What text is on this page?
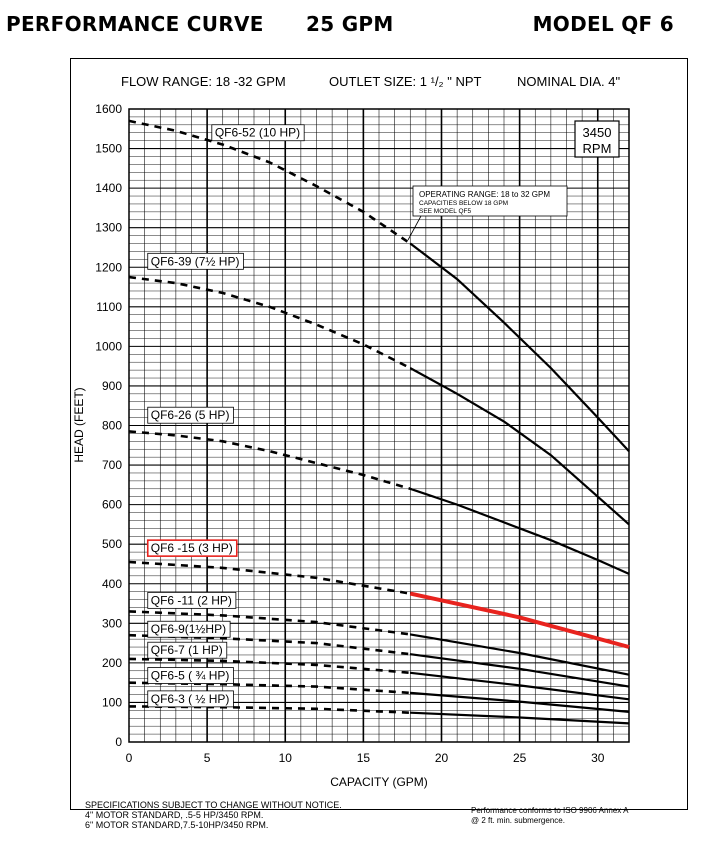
PERFORMANCE CURVE 25 GPM	MODEL QF 6
FLOW RANGE: 18 -32 GPM	OUTLET SIZE: 1 ¹/₂ " NPT	NOMINAL DIA. 4"
0
100
200
300
400
500
600
700
800
900
1000
1100
1200
1300
1400
1500
1600
0	5	10	15	20	25	30
QF6-52 (10 HP)
QF6-39 (7½ HP)
QF6-26 (5 HP)
QF6 -15 (3 HP)
QF6 -11 (2 HP)
QF6-9(1½HP)
QF6-7 (1 HP)
QF6-5 ( ¾ HP)
QF6-3 ( ½ HP)
3450
RPM
OPERATING RANGE: 18 to 32 GPM
CAPACITIES BELOW 18 GPM
SEE MODEL QF5
HEAD (FEET)
CAPACITY (GPM)
SPECIFICATIONS SUBJECT TO CHANGE WITHOUT NOTICE.
4" MOTOR STANDARD, .5-5 HP/3450 RPM.
6" MOTOR STANDARD,7.5-10HP/3450 RPM.
Performance conforms to ISO 9906 Annex A
@ 2 ft. min. submergence.
